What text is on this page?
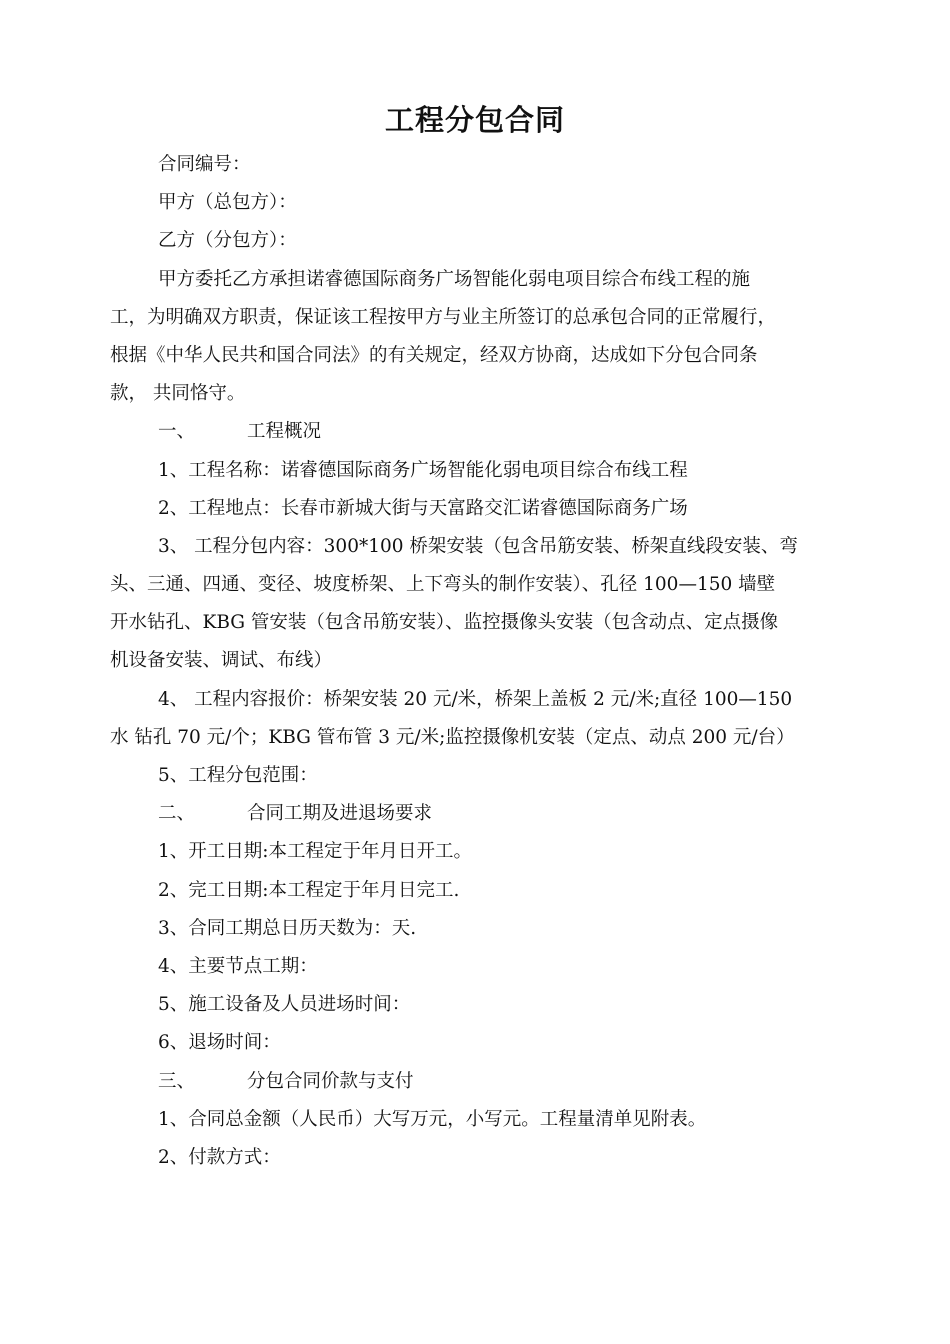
工程分包合同
合同编号：
甲方（总包方）：
乙方（分包方）：
甲方委托乙方承担诺睿德国际商务广场智能化弱电项目综合布线工程的施
工，为明确双方职责，保证该工程按甲方与业主所签订的总承包合同的正常履行，
根据《中华人民共和国合同法》的有关规定，经双方协商，达成如下分包合同条
款， 共同恪守。
一、	工程概况
1、工程名称：诺睿德国际商务广场智能化弱电项目综合布线工程
2、工程地点：长春市新城大街与天富路交汇诺睿德国际商务广场
3、 工程分包内容：300*100 桥架安装（包含吊筋安装、桥架直线段安装、弯
头、三通、四通、变径、坡度桥架、上下弯头的制作安装）、孔径 100—150 墙壁
开水钻孔、KBG 管安装（包含吊筋安装）、监控摄像头安装（包含动点、定点摄像
机设备安装、调试、布线）
4、 工程内容报价：桥架安装 20 元/米，桥架上盖板 2 元/米;直径 100—150
水 钻孔 70 元/个；KBG 管布管 3 元/米;监控摄像机安装（定点、动点 200 元/台）
5、工程分包范围：
二、	合同工期及进退场要求
1、开工日期:本工程定于年月日开工。
2、完工日期:本工程定于年月日完工.
3、合同工期总日历天数为：天.
4、主要节点工期：
5、施工设备及人员进场时间：
6、退场时间：
三、	分包合同价款与支付
1、合同总金额（人民币）大写万元，小写元。工程量清单见附表。
2、付款方式：
